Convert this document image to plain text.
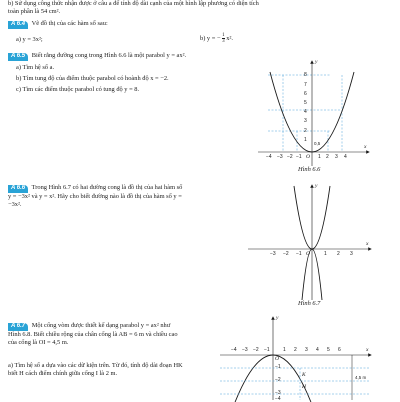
b) Sử dụng công thức nhận được ở câu a để tính độ dài cạnh của một hình lập phương có diện tích
toàn phần là 54 cm².
A 6.4 Vẽ đồ thị của các hàm số sau:
a) y = 3x²;	b) y = − $\frac{1}{3} x^2$.
A 6.5 Biết rằng đường cong trong Hình 6.6 là một parabol y = ax².
a) Tìm hệ số a.
b) Tìm tung độ của điểm thuộc parabol có hoành độ x = −2.
c) Tìm các điểm thuộc parabol có tung độ y = 8.
y
x
O
8
7
6
5
4
3
2
1
0,5
−4 −3 −2 −1	1 2 3 4
Hình 6.6
A 6.6 Trong Hình 6.7 có hai đường cong là đồ thị của hai hàm số y = −3x² và y = x². Hãy cho biết đường nào là đồ thị của hàm số y = −3x².
y
x
O
−3 −2 −1	1 2 3
Hình 6.7
A 6.7 Một cổng vòm được thiết kế dạng parabol y = ax² như Hình 6.8. Biết chiều rộng của chân cổng là AB = 6 m và chiều cao của cổng là OI = 4,5 m.
a) Tìm hệ số a dựa vào các dữ kiện trên. Từ đó, tính độ dài đoạn HK biết H cách điểm chính giữa cổng I là 2 m.
y
x
O
−4 −3 −2 −1	1 2 3 4 5 6
−1
−2
−3
−4
H
K	4,5 m
